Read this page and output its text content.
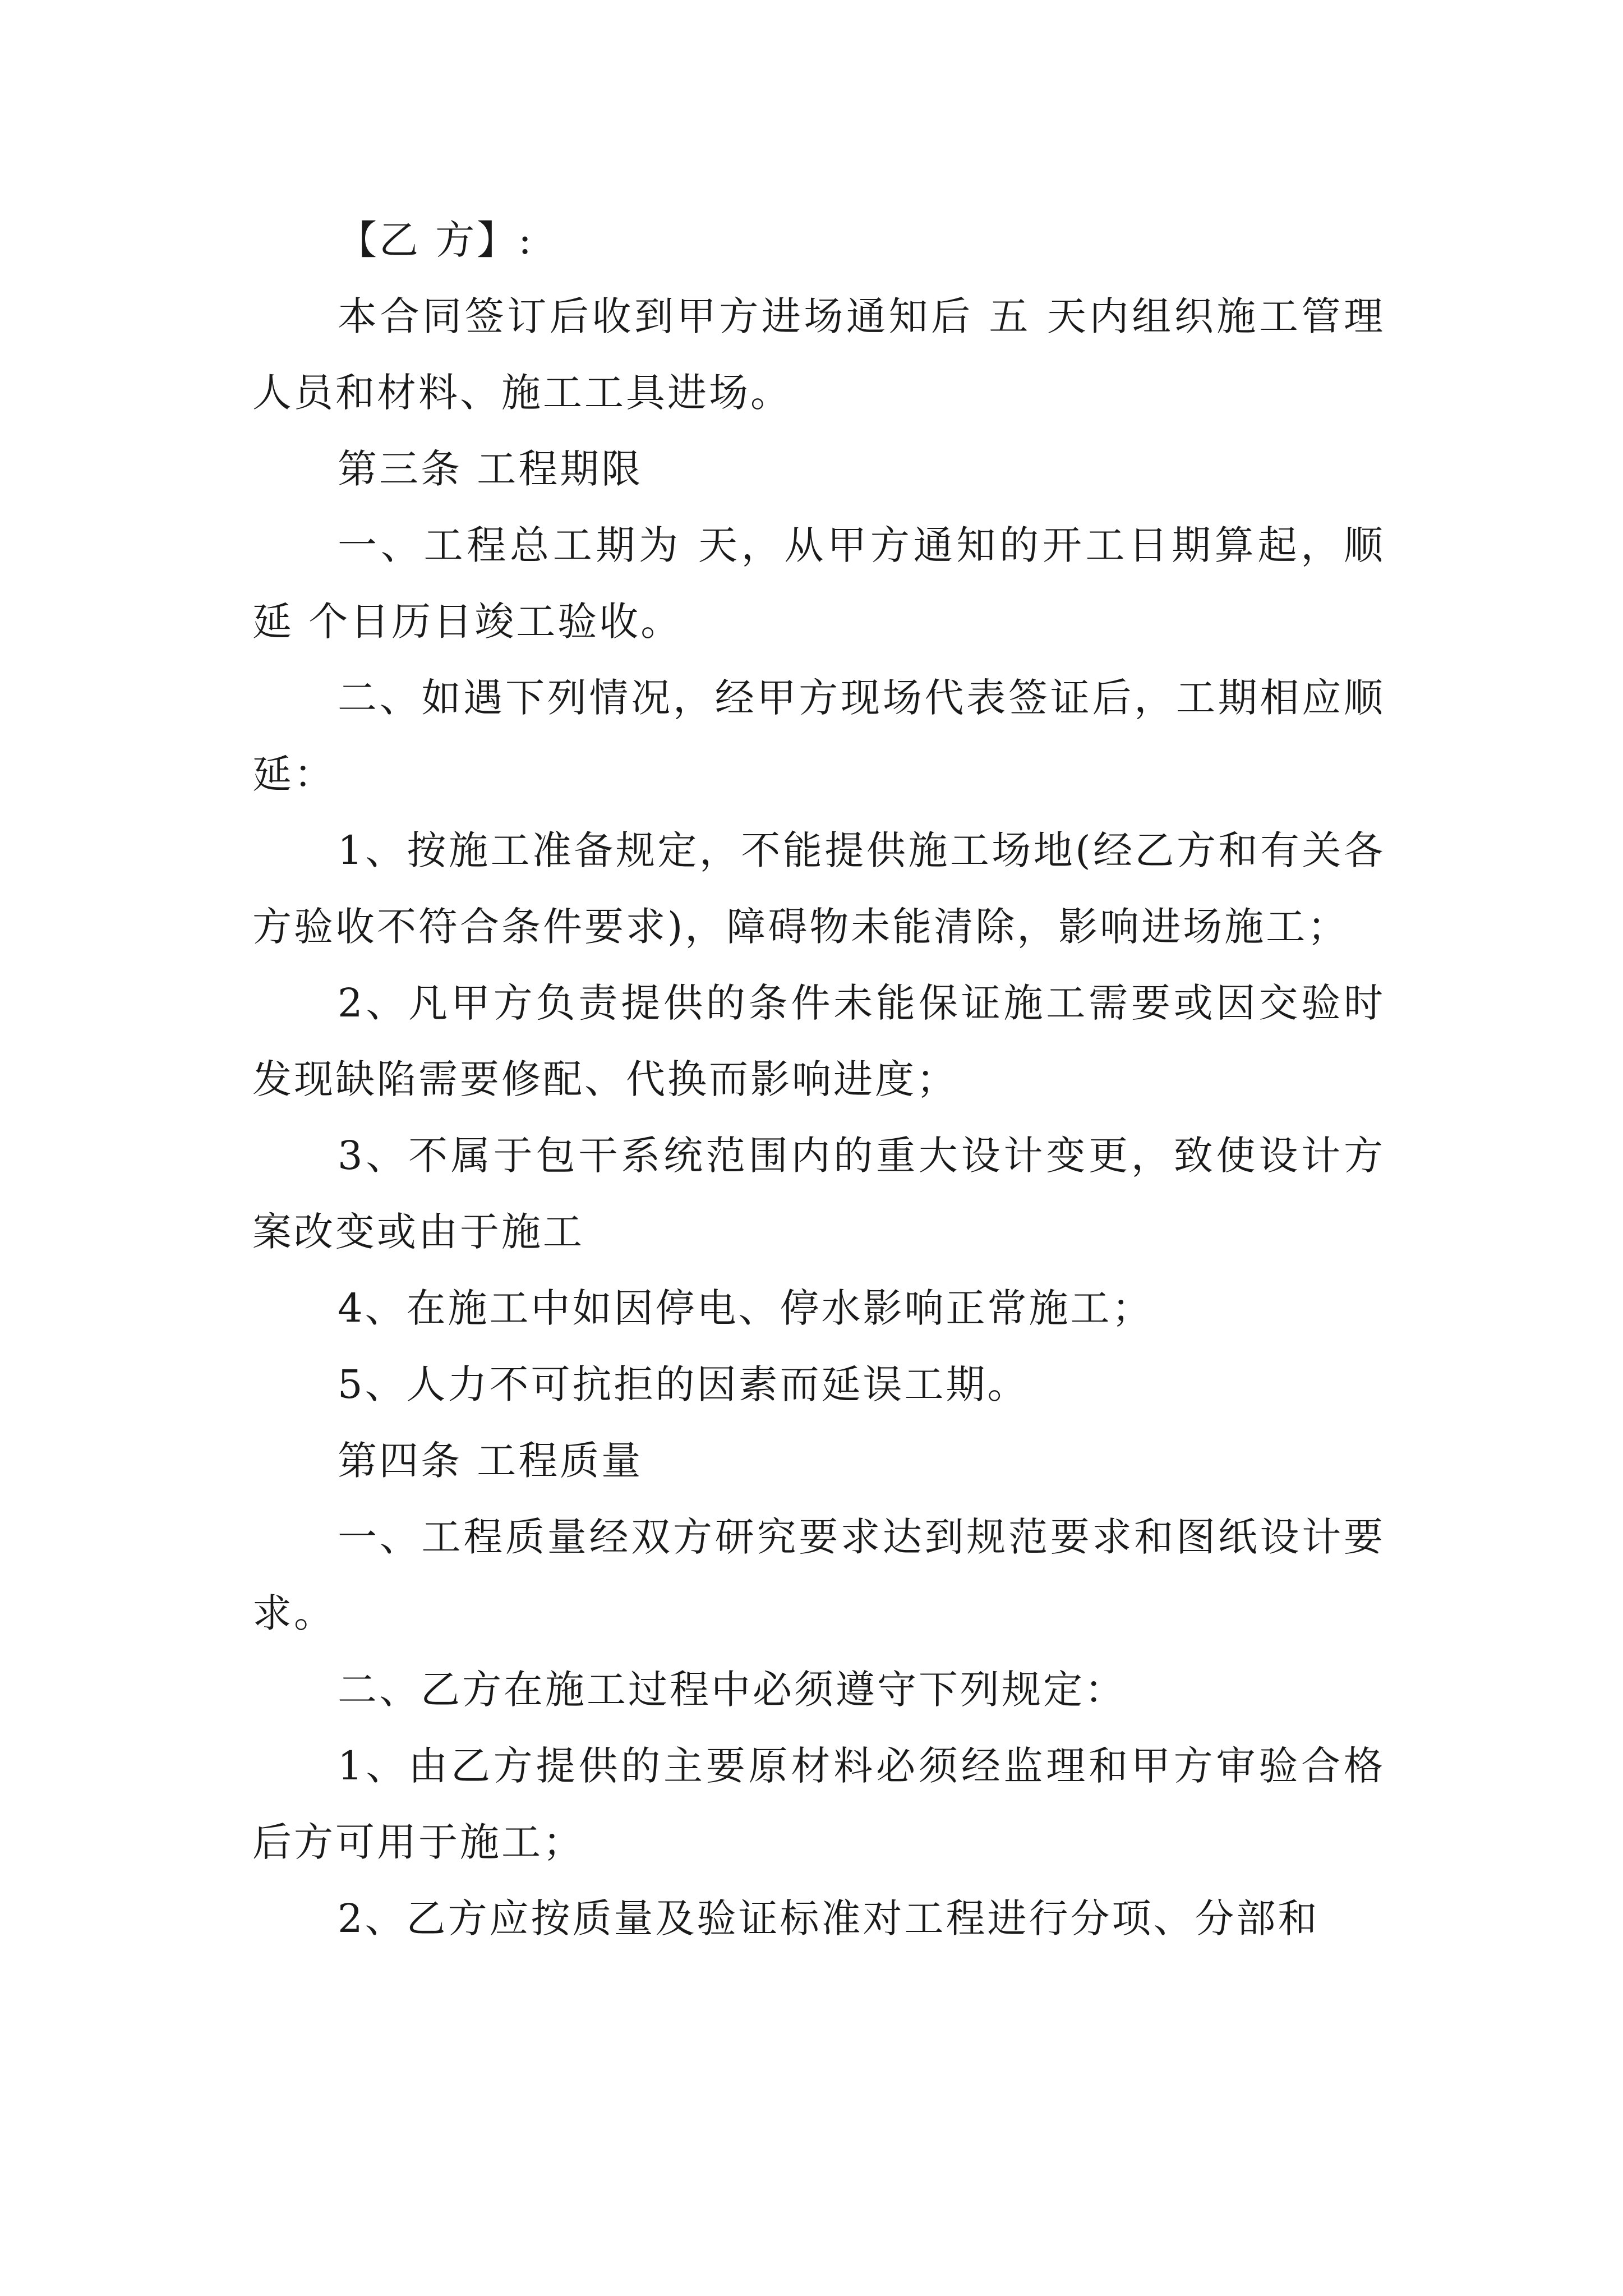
【乙 方】:

本合同签订后收到甲方进场通知后 五 天内组织施工管理人员和材料、施工工具进场。

第三条 工程期限

一、工程总工期为 天，从甲方通知的开工日期算起，顺延 个日历日竣工验收。

二、如遇下列情况，经甲方现场代表签证后，工期相应顺延：

1、按施工准备规定，不能提供施工场地(经乙方和有关各方验收不符合条件要求)，障碍物未能清除，影响进场施工；

2、凡甲方负责提供的条件未能保证施工需要或因交验时发现缺陷需要修配、代换而影响进度；

3、不属于包干系统范围内的重大设计变更，致使设计方案改变或由于施工

4、在施工中如因停电、停水影响正常施工；

5、人力不可抗拒的因素而延误工期。

第四条 工程质量

一、工程质量经双方研究要求达到规范要求和图纸设计要求。

二、乙方在施工过程中必须遵守下列规定：

1、由乙方提供的主要原材料必须经监理和甲方审验合格后方可用于施工；

2、乙方应按质量及验证标准对工程进行分项、分部和
